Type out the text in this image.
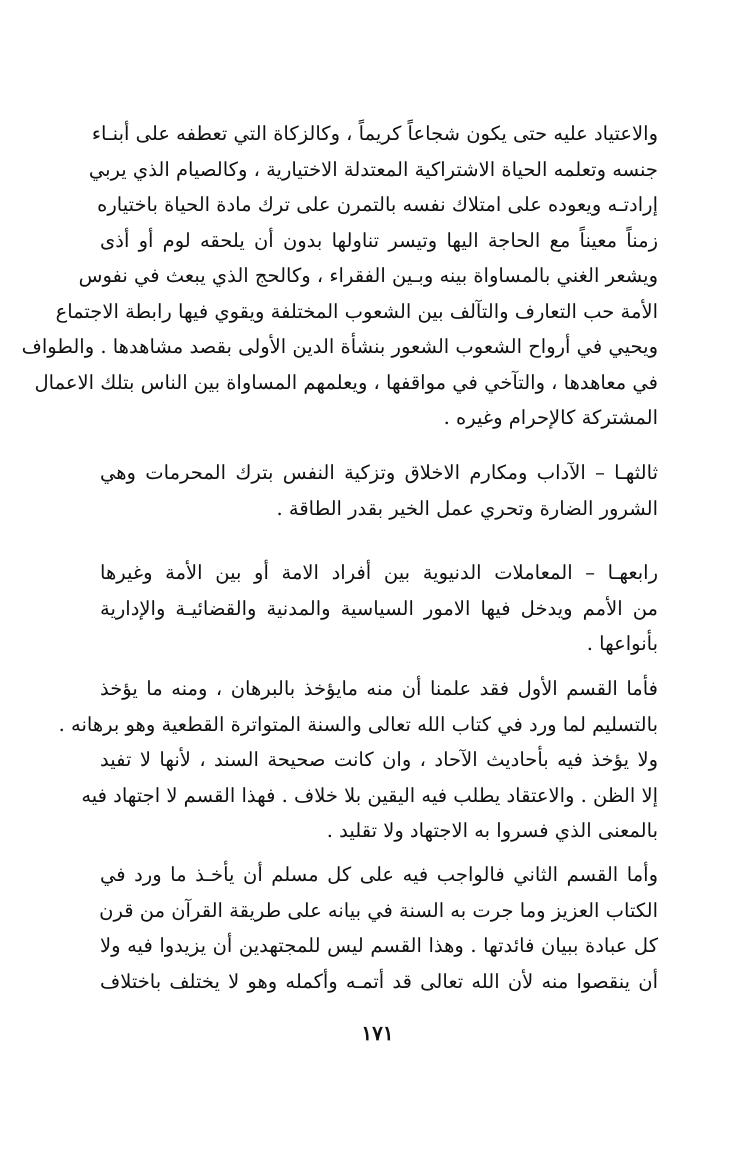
والاعتياد عليه حتى يكون شجاعاً كريماً ، وكالزكاة التي تعطفه على أبنـاء
جنسه وتعلمه الحياة الاشتراكية المعتدلة الاختيارية ، وكالصيام الذي يربي
إرادتـه ويعوده على امتلاك نفسه بالتمرن على ترك مادة الحياة باختياره
زمناً معيناً مع الحاجة اليها وتيسر تناولها بدون أن يلحقه لوم أو أذى
ويشعر الغني بالمساواة بينه وبـين الفقراء ، وكالحج الذي يبعث في نفوس
الأمة حب التعارف والتآلف بين الشعوب المختلفة ويقوي فيها رابطة الاجتماع
ويحيي في أرواح الشعوب الشعور بنشأة الدين الأولى بقصد مشاهدها . والطواف
في معاهدها ، والتآخي في مواقفها ، ويعلمهم المساواة بين الناس بتلك الاعمال
المشتركة كالإحرام وغيره .
ثالثهـا – الآداب ومكارم الاخلاق وتزكية النفس بترك المحرمات وهي
الشرور الضارة وتحري عمل الخير بقدر الطاقة .
رابعهـا – المعاملات الدنيوية بين أفراد الامة أو بين الأمة وغيرها
من الأمم ويدخل فيها الامور السياسية والمدنية والقضائيـة والإدارية
بأنواعها .
فأما القسم الأول فقد علمنا أن منه مايؤخذ بالبرهان ، ومنه ما يؤخذ
بالتسليم لما ورد في كتاب الله تعالى والسنة المتواترة القطعية وهو برهانه .
ولا يؤخذ فيه بأحاديث الآحاد ، وان كانت صحيحة السند ، لأنها لا تفيد
إلا الظن . والاعتقاد يطلب فيه اليقين بلا خلاف . فهذا القسم لا اجتهاد فيه
بالمعنى الذي فسروا به الاجتهاد ولا تقليد .
وأما القسم الثاني فالواجب فيه على كل مسلم أن يأخـذ ما ورد في
الكتاب العزيز وما جرت به السنة في بيانه على طريقة القرآن من قرن
كل عبادة ببيان فائدتها . وهذا القسم ليس للمجتهدين أن يزيدوا فيه ولا
أن ينقصوا منه لأن الله تعالى قد أتمـه وأكمله وهو لا يختلف باختلاف
١٧١
